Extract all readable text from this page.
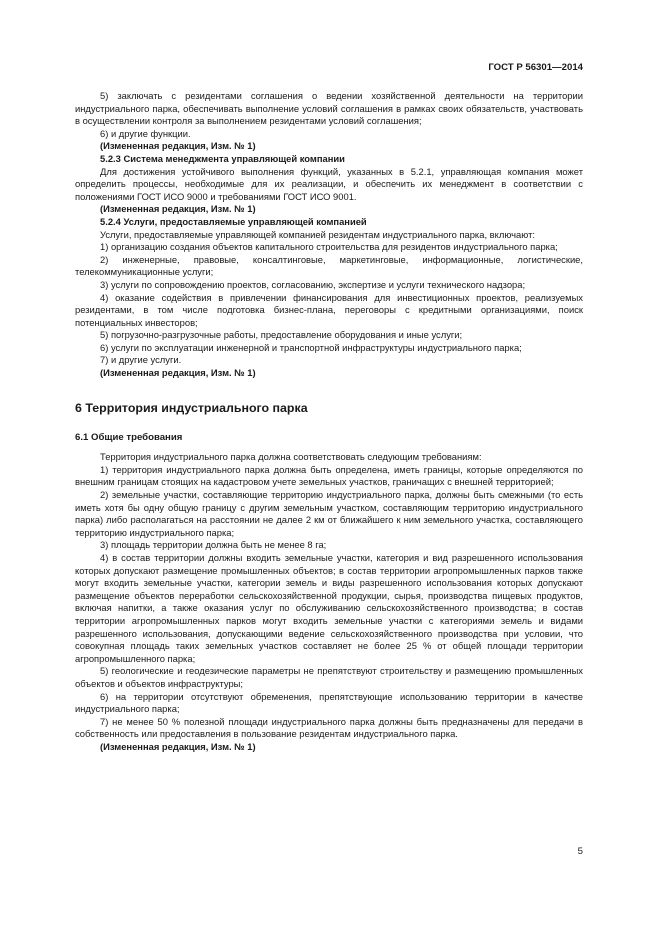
ГОСТ Р 56301—2014

5) заключать с резидентами соглашения о ведении хозяйственной деятельности на территории индустриального парка, обеспечивать выполнение условий соглашения в рамках своих обязательств, участвовать в осуществлении контроля за выполнением резидентами условий соглашения;

6) и другие функции.

(Измененная редакция, Изм. № 1)

5.2.3 Система менеджмента управляющей компании

Для достижения устойчивого выполнения функций, указанных в 5.2.1, управляющая компания может определить процессы, необходимые для их реализации, и обеспечить их менеджмент в соответствии с положениями ГОСТ ИСО 9000 и требованиями ГОСТ ИСО 9001.

(Измененная редакция, Изм. № 1)

5.2.4 Услуги, предоставляемые управляющей компанией

Услуги, предоставляемые управляющей компанией резидентам индустриального парка, включают:

1) организацию создания объектов капитального строительства для резидентов индустриального парка;

2) инженерные, правовые, консалтинговые, маркетинговые, информационные, логистические, телекоммуникационные услуги;

3) услуги по сопровождению проектов, согласованию, экспертизе и услуги технического надзора;

4) оказание содействия в привлечении финансирования для инвестиционных проектов, реализуемых резидентами, в том числе подготовка бизнес-плана, переговоры с кредитными организациями, поиск потенциальных инвесторов;

5) погрузочно-разгрузочные работы, предоставление оборудования и иные услуги;

6) услуги по эксплуатации инженерной и транспортной инфраструктуры индустриального парка;

7) и другие услуги.

(Измененная редакция, Изм. № 1)

6 Территория индустриального парка
6.1 Общие требования

Территория индустриального парка должна соответствовать следующим требованиям:

1) территория индустриального парка должна быть определена, иметь границы, которые определяются по внешним границам стоящих на кадастровом учете земельных участков, граничащих с внешней территорией;

2) земельные участки, составляющие территорию индустриального парка, должны быть смежными (то есть иметь хотя бы одну общую границу с другим земельным участком, составляющим территорию индустриального парка) либо располагаться на расстоянии не далее 2 км от ближайшего к ним земельного участка, составляющего территорию индустриального парка;

3) площадь территории должна быть не менее 8 га;

4) в состав территории должны входить земельные участки, категория и вид разрешенного использования которых допускают размещение промышленных объектов; в состав территории агропромышленных парков также могут входить земельные участки, категории земель и виды разрешенного использования которых допускают размещение объектов переработки сельскохозяйственной продукции, сырья, производства пищевых продуктов, включая напитки, а также оказания услуг по обслуживанию сельскохозяйственного производства; в состав территории агропромышленных парков могут входить земельные участки с категориями земель и видами разрешенного использования, допускающими ведение сельскохозяйственного производства при условии, что совокупная площадь таких земельных участков составляет не более 25 % от общей площади территории агропромышленного парка;

5) геологические и геодезические параметры не препятствуют строительству и размещению промышленных объектов и объектов инфраструктуры;

6) на территории отсутствуют обременения, препятствующие использованию территории в качестве индустриального парка;

7) не менее 50 % полезной площади индустриального парка должны быть предназначены для передачи в собственность или предоставления в пользование резидентам индустриального парка.

(Измененная редакция, Изм. № 1)

5
